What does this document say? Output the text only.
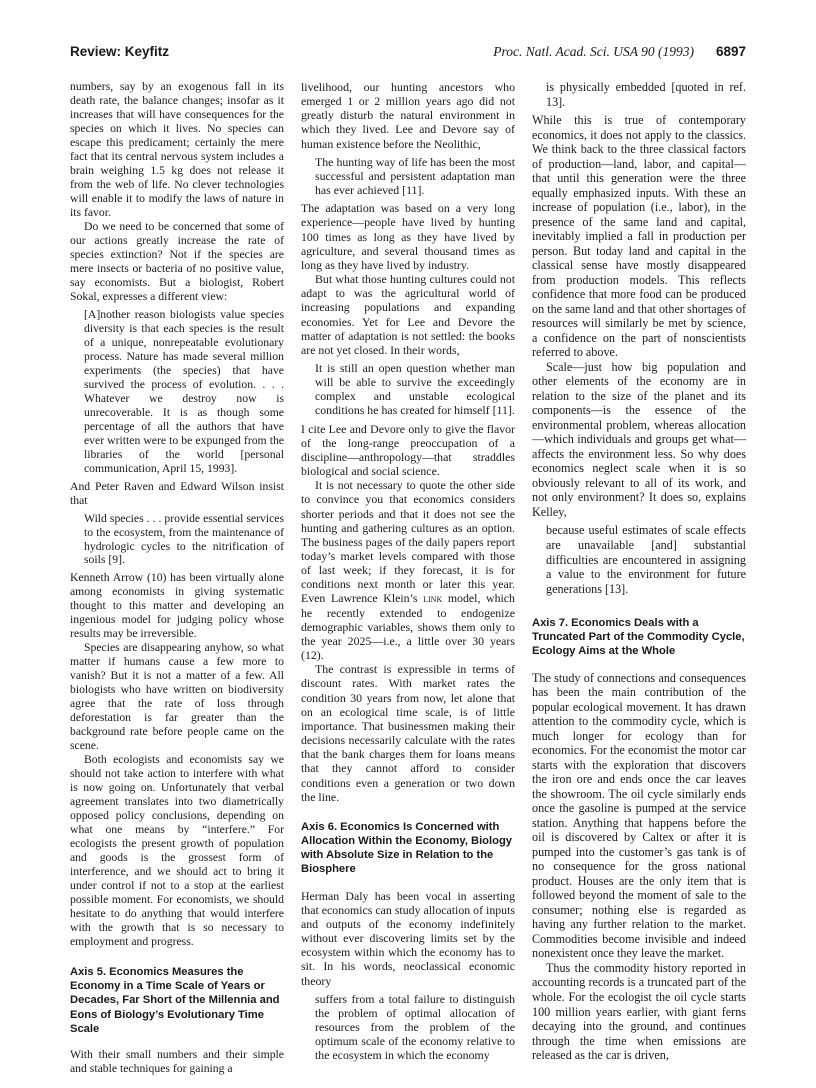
Review: Keyfitz	Proc. Natl. Acad. Sci. USA 90 (1993) 6897

numbers, say by an exogenous fall in its death rate, the balance changes; insofar as it increases that will have consequences for the species on which it lives. No species can escape this predicament; certainly the mere fact that its central nervous system includes a brain weighing 1.5 kg does not release it from the web of life. No clever technologies will enable it to modify the laws of nature in its favor.

Do we need to be concerned that some of our actions greatly increase the rate of species extinction? Not if the species are mere insects or bacteria of no positive value, say economists. But a biologist, Robert Sokal, expresses a different view:

[A]nother reason biologists value species diversity is that each species is the result of a unique, nonrepeatable evolutionary process. Nature has made several million experiments (the species) that have survived the process of evolution. . . . Whatever we destroy now is unrecoverable. It is as though some percentage of all the authors that have ever written were to be expunged from the libraries of the world [personal communication, April 15, 1993].

And Peter Raven and Edward Wilson insist that

Wild species . . . provide essential services to the ecosystem, from the maintenance of hydrologic cycles to the nitrification of soils [9].

Kenneth Arrow (10) has been virtually alone among economists in giving systematic thought to this matter and developing an ingenious model for judging policy whose results may be irreversible.

Species are disappearing anyhow, so what matter if humans cause a few more to vanish? But it is not a matter of a few. All biologists who have written on biodiversity agree that the rate of loss through deforestation is far greater than the background rate before people came on the scene.

Both ecologists and economists say we should not take action to interfere with what is now going on. Unfortunately that verbal agreement translates into two diametrically opposed policy conclusions, depending on what one means by “interfere.” For ecologists the present growth of population and goods is the grossest form of interference, and we should act to bring it under control if not to a stop at the earliest possible moment. For economists, we should hesitate to do anything that would interfere with the growth that is so necessary to employment and progress.

Axis 5. Economics Measures the Economy in a Time Scale of Years or Decades, Far Short of the Millennia and Eons of Biology’s Evolutionary Time Scale

With their small numbers and their simple and stable techniques for gaining a

livelihood, our hunting ancestors who emerged 1 or 2 million years ago did not greatly disturb the natural environment in which they lived. Lee and Devore say of human existence before the Neolithic,

The hunting way of life has been the most successful and persistent adaptation man has ever achieved [11].

The adaptation was based on a very long experience—people have lived by hunting 100 times as long as they have lived by agriculture, and several thousand times as long as they have lived by industry.

But what those hunting cultures could not adapt to was the agricultural world of increasing populations and expanding economies. Yet for Lee and Devore the matter of adaptation is not settled: the books are not yet closed. In their words,

It is still an open question whether man will be able to survive the exceedingly complex and unstable ecological conditions he has created for himself [11].

I cite Lee and Devore only to give the flavor of the long-range preoccupation of a discipline—anthropology—that straddles biological and social science.

It is not necessary to quote the other side to convince you that economics considers shorter periods and that it does not see the hunting and gathering cultures as an option. The business pages of the daily papers report today’s market levels compared with those of last week; if they forecast, it is for conditions next month or later this year. Even Lawrence Klein’s link model, which he recently extended to endogenize demographic variables, shows them only to the year 2025—i.e., a little over 30 years (12).

The contrast is expressible in terms of discount rates. With market rates the condition 30 years from now, let alone that on an ecological time scale, is of little importance. That businessmen making their decisions necessarily calculate with the rates that the bank charges them for loans means that they cannot afford to consider conditions even a generation or two down the line.

Axis 6. Economics Is Concerned with Allocation Within the Economy, Biology with Absolute Size in Relation to the Biosphere

Herman Daly has been vocal in asserting that economics can study allocation of inputs and outputs of the economy indefinitely without ever discovering limits set by the ecosystem within which the economy has to sit. In his words, neoclassical economic theory

suffers from a total failure to distinguish the problem of optimal allocation of resources from the problem of the optimum scale of the economy relative to the ecosystem in which the economy

is physically embedded [quoted in ref. 13].

While this is true of contemporary economics, it does not apply to the classics. We think back to the three classical factors of production—land, labor, and capital—that until this generation were the three equally emphasized inputs. With these an increase of population (i.e., labor), in the presence of the same land and capital, inevitably implied a fall in production per person. But today land and capital in the classical sense have mostly disappeared from production models. This reflects confidence that more food can be produced on the same land and that other shortages of resources will similarly be met by science, a confidence on the part of nonscientists referred to above.

Scale—just how big population and other elements of the economy are in relation to the size of the planet and its components—is the essence of the environmental problem, whereas allocation—which individuals and groups get what—affects the environment less. So why does economics neglect scale when it is so obviously relevant to all of its work, and not only environment? It does so, explains Kelley,

because useful estimates of scale effects are unavailable [and] substantial difficulties are encountered in assigning a value to the environment for future generations [13].

Axis 7. Economics Deals with a Truncated Part of the Commodity Cycle, Ecology Aims at the Whole

The study of connections and consequences has been the main contribution of the popular ecological movement. It has drawn attention to the commodity cycle, which is much longer for ecology than for economics. For the economist the motor car starts with the exploration that discovers the iron ore and ends once the car leaves the showroom. The oil cycle similarly ends once the gasoline is pumped at the service station. Anything that happens before the oil is discovered by Caltex or after it is pumped into the customer’s gas tank is of no consequence for the gross national product. Houses are the only item that is followed beyond the moment of sale to the consumer; nothing else is regarded as having any further relation to the market. Commodities become invisible and indeed nonexistent once they leave the market.

Thus the commodity history reported in accounting records is a truncated part of the whole. For the ecologist the oil cycle starts 100 million years earlier, with giant ferns decaying into the ground, and continues through the time when emissions are released as the car is driven,
